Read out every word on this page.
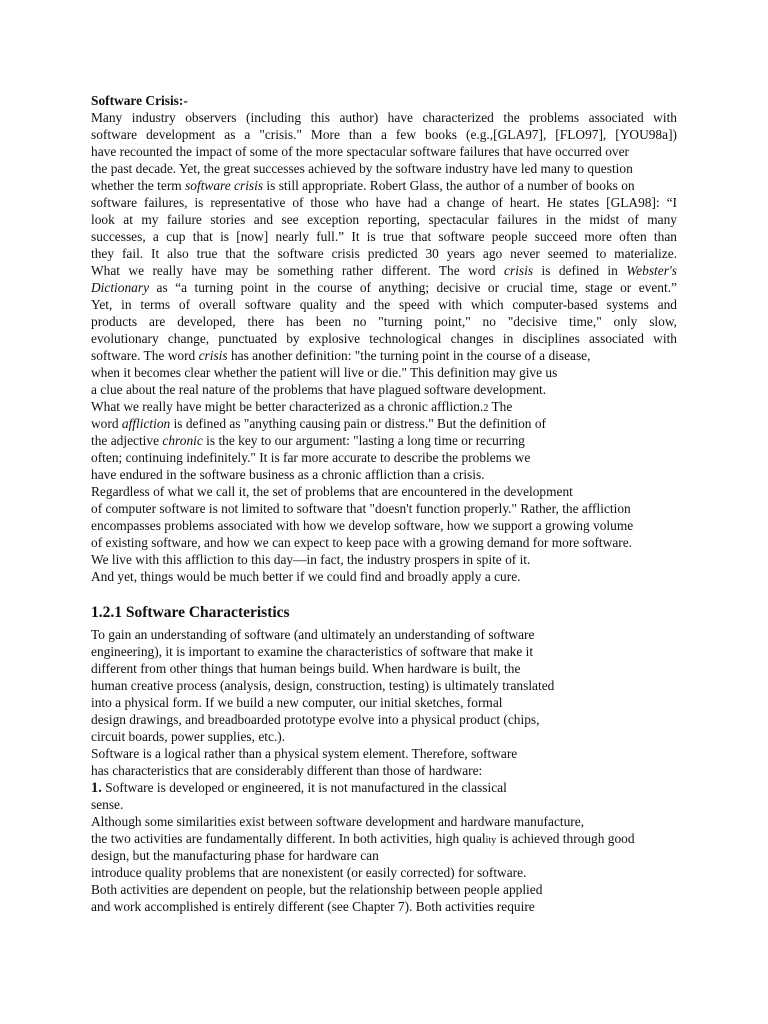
Software Crisis:-
Many industry observers (including this author) have characterized the problems associated with
software development as a "crisis." More than a few books (e.g.,[GLA97], [FLO97], [YOU98a])
have recounted the impact of some of the more spectacular software failures that have occurred over
the past decade. Yet, the great successes achieved by the software industry have led many to question
whether the term software crisis is still appropriate. Robert Glass, the author of a number of books on
software failures, is representative of those who have had a change of heart. He states [GLA98]: “I
look at my failure stories and see exception reporting, spectacular failures in the midst of many
successes, a cup that is [now] nearly full.” It is true that software people succeed more often than
they fail. It also true that the software crisis predicted 30 years ago never seemed to materialize.
What we really have may be something rather different. The word crisis is defined in Webster's
Dictionary as “a turning point in the course of anything; decisive or crucial time, stage or event.”
Yet, in terms of overall software quality and the speed with which computer-based systems and
products are developed, there has been no "turning point," no "decisive time," only slow,
evolutionary change, punctuated by explosive technological changes in disciplines associated with
software. The word crisis has another definition: "the turning point in the course of a disease,
when it becomes clear whether the patient will live or die." This definition may give us
a clue about the real nature of the problems that have plagued software development.
What we really have might be better characterized as a chronic affliction.2 The
word affliction is defined as "anything causing pain or distress." But the definition of
the adjective chronic is the key to our argument: "lasting a long time or recurring
often; continuing indefinitely." It is far more accurate to describe the problems we
have endured in the software business as a chronic affliction than a crisis.
Regardless of what we call it, the set of problems that are encountered in the development
of computer software is not limited to software that "doesn't function properly." Rather, the affliction
encompasses problems associated with how we develop software, how we support a growing volume
of existing software, and how we can expect to keep pace with a growing demand for more software.
We live with this affliction to this day—in fact, the industry prospers in spite of it.
And yet, things would be much better if we could find and broadly apply a cure.
1.2.1 Software Characteristics
To gain an understanding of software (and ultimately an understanding of software
engineering), it is important to examine the characteristics of software that make it
different from other things that human beings build. When hardware is built, the
human creative process (analysis, design, construction, testing) is ultimately translated
into a physical form. If we build a new computer, our initial sketches, formal
design drawings, and breadboarded prototype evolve into a physical product (chips,
circuit boards, power supplies, etc.).
Software is a logical rather than a physical system element. Therefore, software
has characteristics that are considerably different than those of hardware:
1. Software is developed or engineered, it is not manufactured in the classical
sense.
Although some similarities exist between software development and hardware manufacture,
the two activities are fundamentally different. In both activities, high quality is achieved through good
design, but the manufacturing phase for hardware can
introduce quality problems that are nonexistent (or easily corrected) for software.
Both activities are dependent on people, but the relationship between people applied
and work accomplished is entirely different (see Chapter 7). Both activities require
